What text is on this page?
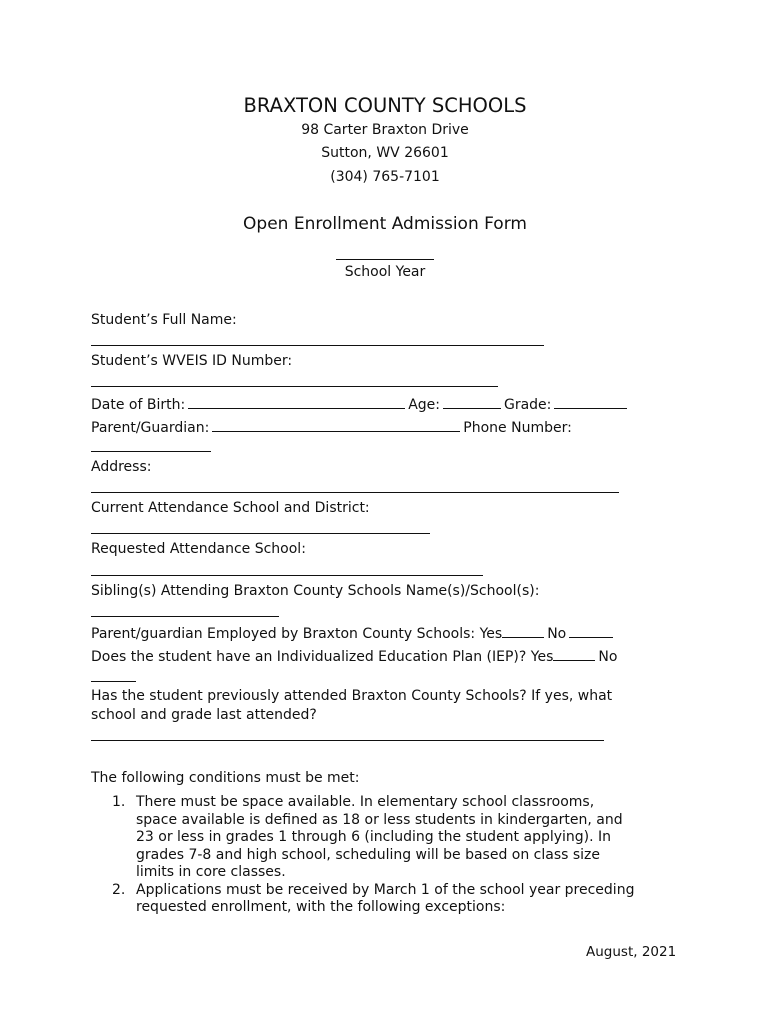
BRAXTON COUNTY SCHOOLS
98 Carter Braxton Drive
Sutton, WV 26601
(304) 765-7101
Open Enrollment Admission Form
School Year
Student’s Full Name:
Student’s WVEIS ID Number:
Date of Birth:	Age:	Grade:
Parent/Guardian:	Phone Number:
Address:
Current Attendance School and District:
Requested Attendance School:
Sibling(s) Attending Braxton County Schools Name(s)/School(s):
Parent/guardian Employed by Braxton County Schools: Yes	No
Does the student have an Individualized Education Plan (IEP)? Yes	No
Has the student previously attended Braxton County Schools? If yes, what
school and grade last attended?
The following conditions must be met:
1. There must be space available. In elementary school classrooms,
space available is defined as 18 or less students in kindergarten, and
23 or less in grades 1 through 6 (including the student applying). In
grades 7-8 and high school, scheduling will be based on class size
limits in core classes.
2. Applications must be received by March 1 of the school year preceding
requested enrollment, with the following exceptions:
August, 2021
